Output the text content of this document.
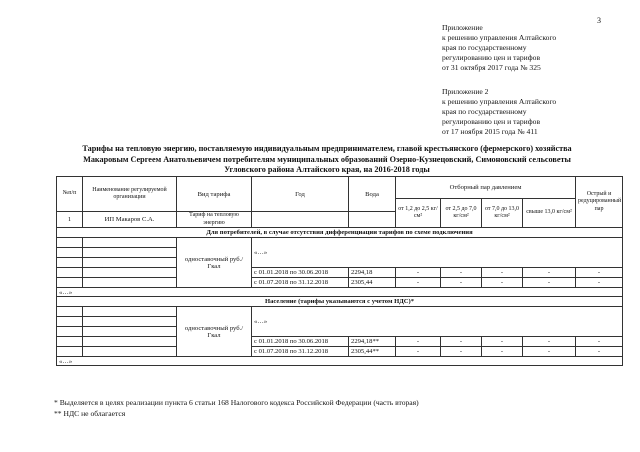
3
Приложение
к решению управления Алтайского
края по государственному
регулированию цен и тарифов
от 31 октября 2017 года № 325
Приложение 2
к решению управления Алтайского
края по государственному
регулированию цен и тарифов
от 17 ноября 2015 года № 411
Тарифы на тепловую энергию, поставляемую индивидуальным предпринимателем, главой крестьянского (фермерского) хозяйства
Макаровым Сергеем Анатольевичем потребителям муниципальных образований Озерно-Кузнецовский, Симоновский сельсоветы
Угловского района Алтайского края, на 2016-2018 годы
№п/п	Наименование регулируемой организации	Вид тарифа	Год	Вода	Отборный пар давлением				Острый и редуцированный пар
					от 1,2 до 2,5 кг/см²	от 2,5 до 7,0 кг/см²	от 7,0 до 13,0 кг/см²	свыше 13,0 кг/см²	
1	ИП Макаров С.А.	Тариф на тепловую энергию							
Для потребителей, в случае отсутствия дифференциации тарифов по схеме подключения									
		одноставочный руб./Гкал	«…»						

			с 01.01.2018 по 30.06.2018	2294,18	-	-	-	-	-
			с 01.07.2018 по 31.12.2018	2305,44	-	-	-	-	-
«…»									
Население (тарифы указываются с учетом НДС)*									
		одноставочный руб./Гкал	«…»						

			с 01.01.2018 по 30.06.2018	2294,18**	-	-	-	-	-
			с 01.07.2018 по 31.12.2018	2305,44**	-	-	-	-	-
«…»									
* Выделяется в целях реализации пункта 6 статьи 168 Налогового кодекса Российской Федерации (часть вторая)
** НДС не облагается
